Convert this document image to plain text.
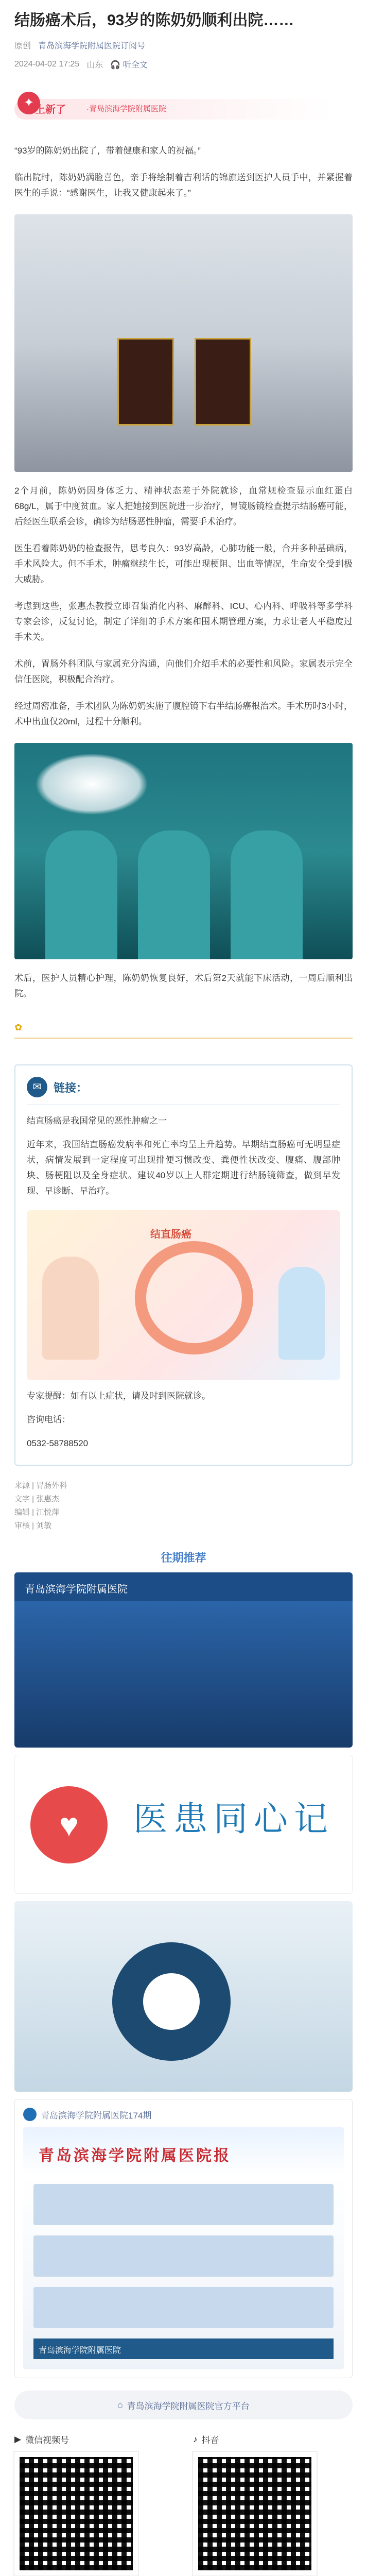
结肠癌术后，93岁的陈奶奶顺利出院……
原创 青岛滨海学院附属医院订阅号
2024-04-02 17:25 山东 🎧 听全文
✦ 上新了	·青岛滨海学院附属医院

“93岁的陈奶奶出院了，带着健康和家人的祝福。”

临出院时，陈奶奶满脸喜色，亲手将绘制着吉利话的锦旗送到医护人员手中，并紧握着医生的手说：“感谢医生，让我又健康起来了。”

2个月前，陈奶奶因身体乏力、精神状态差于外院就诊，血常规检查显示血红蛋白68g/L，属于中度贫血。家人把她接到医院进一步治疗，胃镜肠镜检查提示结肠癌可能，后经医生联系会诊，确诊为结肠恶性肿瘤，需要手术治疗。

医生看着陈奶奶的检查报告，思考良久：93岁高龄，心肺功能一般，合并多种基础病，手术风险大。但不手术，肿瘤继续生长，可能出现梗阻、出血等情况，生命安全受到极大威胁。

考虑到这些，张惠杰教授立即召集消化内科、麻醉科、ICU、心内科、呼吸科等多学科专家会诊，反复讨论，制定了详细的手术方案和围术期管理方案，力求让老人平稳度过手术关。

术前，胃肠外科团队与家属充分沟通，向他们介绍手术的必要性和风险。家属表示完全信任医院，积极配合治疗。

经过周密准备，手术团队为陈奶奶实施了腹腔镜下右半结肠癌根治术。手术历时3小时，术中出血仅20ml，过程十分顺利。

术后，医护人员精心护理，陈奶奶恢复良好，术后第2天就能下床活动，一周后顺利出院。

✿
✉	链接：

结直肠癌是我国常见的恶性肿瘤之一

近年来，我国结直肠癌发病率和死亡率均呈上升趋势。早期结直肠癌可无明显症状，病情发展到一定程度可出现排便习惯改变、粪便性状改变、腹痛、腹部肿块、肠梗阻以及全身症状。建议40岁以上人群定期进行结肠镜筛查，做到早发现、早诊断、早治疗。

结直肠癌

专家提醒：如有以上症状，请及时到医院就诊。

咨询电话：

0532-58788520

来源 | 胃肠外科
文字 | 张惠杰
编辑 | 江悦萍
审核 | 刘敏
往期推荐
青岛滨海学院附属医院
♥	医患同心记
青岛滨海学院附属医院174期
青岛滨海学院附属医院报
青岛滨海学院附属医院
⌂ 青岛滨海学院附属医院官方平台
▶ 微信视频号	♪ 抖音
